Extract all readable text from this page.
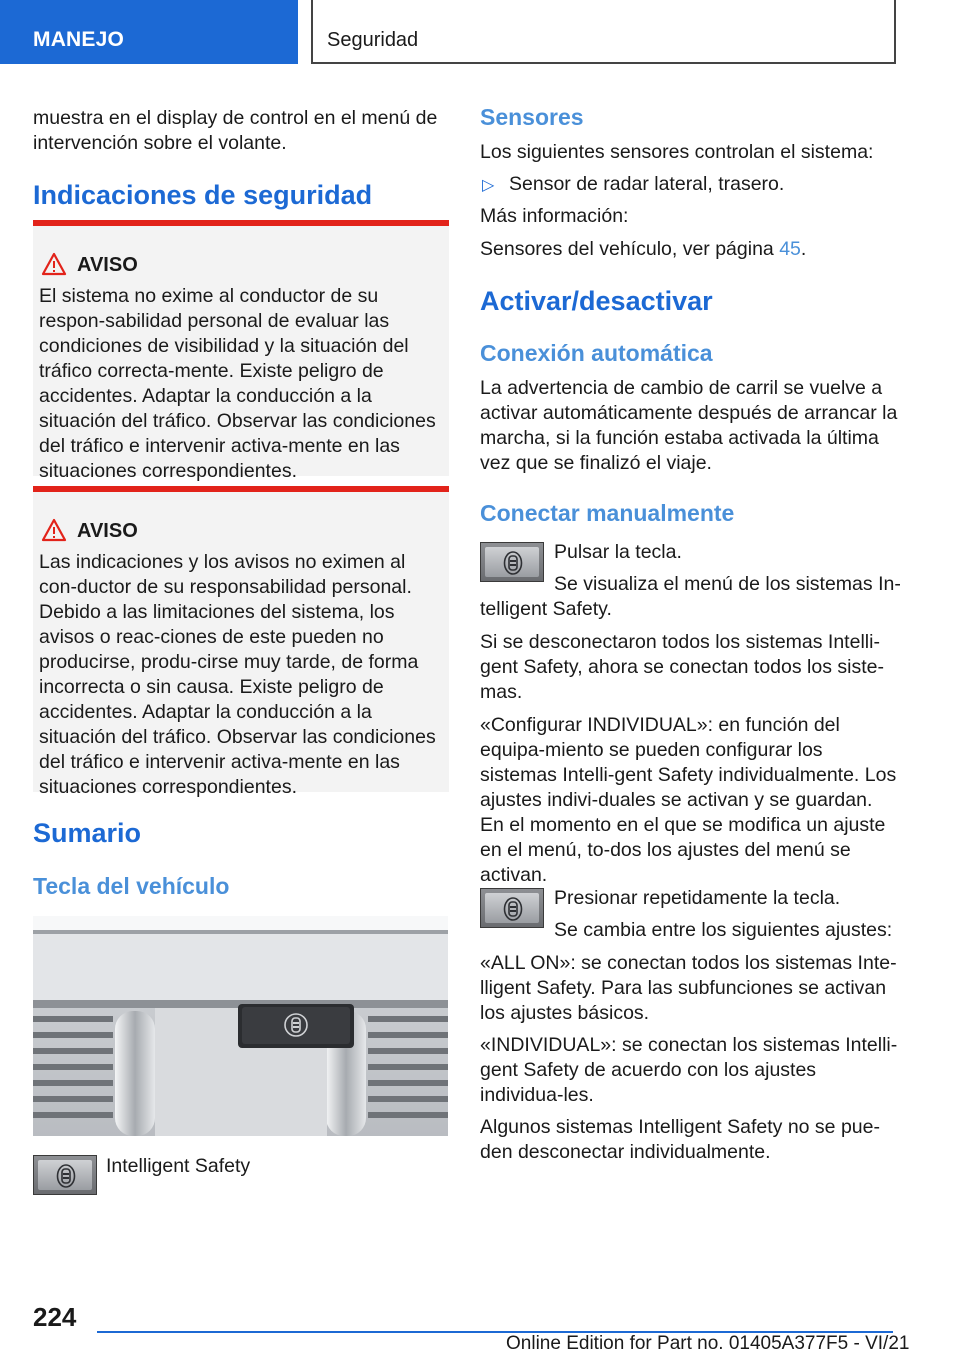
MANEJO	Seguridad
muestra en el display de control en el menú de intervención sobre el volante.
Indicaciones de seguridad
AVISO
El sistema no exime al conductor de su respon-sabilidad personal de evaluar las condiciones de visibilidad y la situación del tráfico correcta-mente. Existe peligro de accidentes. Adaptar la conducción a la situación del tráfico. Observar las condiciones del tráfico e intervenir activa-mente en las situaciones correspondientes.
AVISO
Las indicaciones y los avisos no eximen al con-ductor de su responsabilidad personal. Debido a las limitaciones del sistema, los avisos o reac-ciones de este pueden no producirse, produ-cirse muy tarde, de forma incorrecta o sin causa. Existe peligro de accidentes. Adaptar la conducción a la situación del tráfico. Observar las condiciones del tráfico e intervenir activa-mente en las situaciones correspondientes.
Sumario
Tecla del vehículo
Intelligent Safety
Sensores
Los siguientes sensores controlan el sistema:
▷ Sensor de radar lateral, trasero.
Más información:
Sensores del vehículo, ver página 45.
Activar/desactivar
Conexión automática
La advertencia de cambio de carril se vuelve a activar automáticamente después de arrancar la marcha, si la función estaba activada la última vez que se finalizó el viaje.
Conectar manualmente
Pulsar la tecla.
Se visualiza el menú de los sistemas In-
telligent Safety.
Si se desconectaron todos los sistemas Intelli-gent Safety, ahora se conectan todos los siste-mas.
«Configurar INDIVIDUAL»: en función del equipa-miento se pueden configurar los sistemas Intelli-gent Safety individualmente. Los ajustes indivi-duales se activan y se guardan. En el momento en el que se modifica un ajuste en el menú, to-dos los ajustes del menú se activan.
Presionar repetidamente la tecla.
Se cambia entre los siguientes ajustes:
«ALL ON»: se conectan todos los sistemas Inte-lligent Safety. Para las subfunciones se activan los ajustes básicos.
«INDIVIDUAL»: se conectan los sistemas Intelli-gent Safety de acuerdo con los ajustes individua-les.
Algunos sistemas Intelligent Safety no se pue-den desconectar individualmente.
224
Online Edition for Part no. 01405A377F5 - VI/21
